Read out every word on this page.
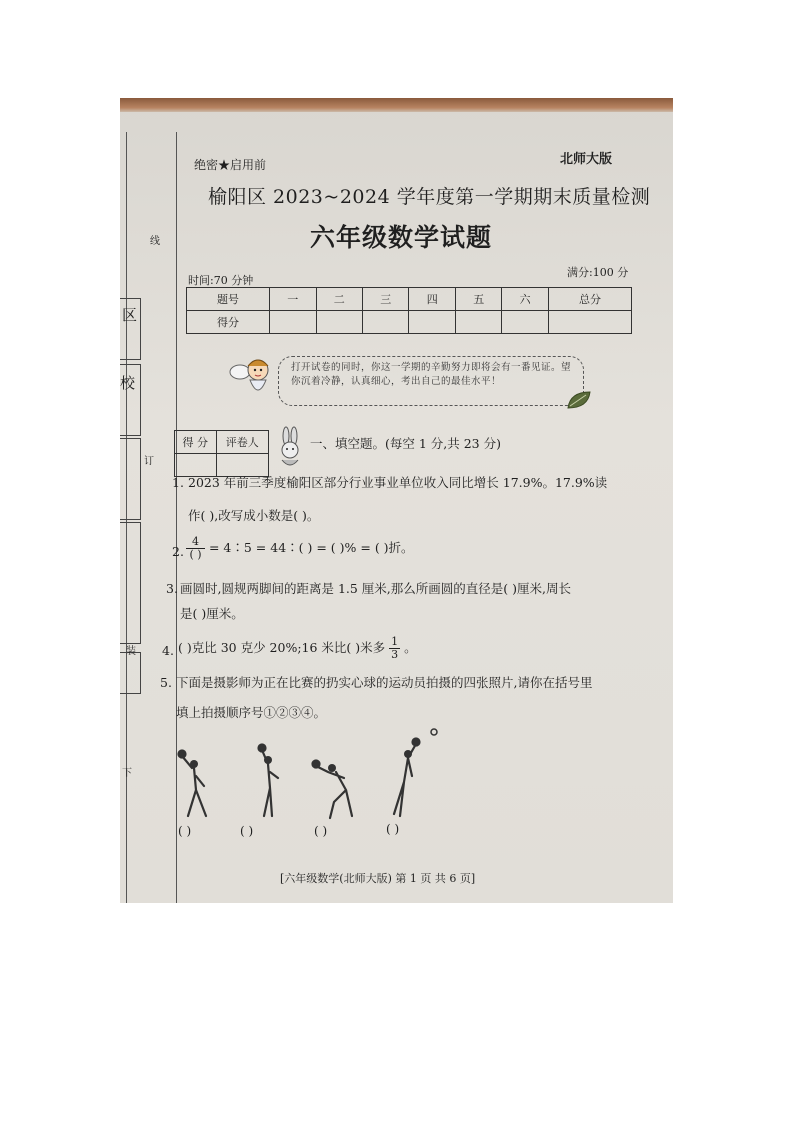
区
校
线
订
装
下
绝密★启用前	北师大版
榆阳区 2023~2024 学年度第一学期期末质量检测
六年级数学试题
时间:70 分钟
满分:100 分
题号	一	二	三	四	五	六	总分
得分							
打开试卷的同时，你这一学期的辛勤努力即将会有一番见证。望你沉着冷静，认真细心，考出自己的最佳水平！
得 分	评卷人
		一、填空题。(每空 1 分,共 23 分)
1. 2023 年前三季度榆阳区部分行业事业单位收入同比增长 17.9%。17.9%读
作( ),改写成小数是( )。
2. $\frac{4}{( )}$ = 4∶5 = 44∶( ) = ( )% = ( )折。
3. 画圆时,圆规两脚间的距离是 1.5 厘米,那么所画圆的直径是( )厘米,周长
是( )厘米。
4. ( )克比 30 克少 20%;16 米比( )米多 $\frac{1}{3}$ 。
5. 下面是摄影师为正在比赛的扔实心球的运动员拍摄的四张照片,请你在括号里
填上拍摄顺序号①②③④。
( )	( )	( )	( )
[六年级数学(北师大版) 第 1 页 共 6 页]
